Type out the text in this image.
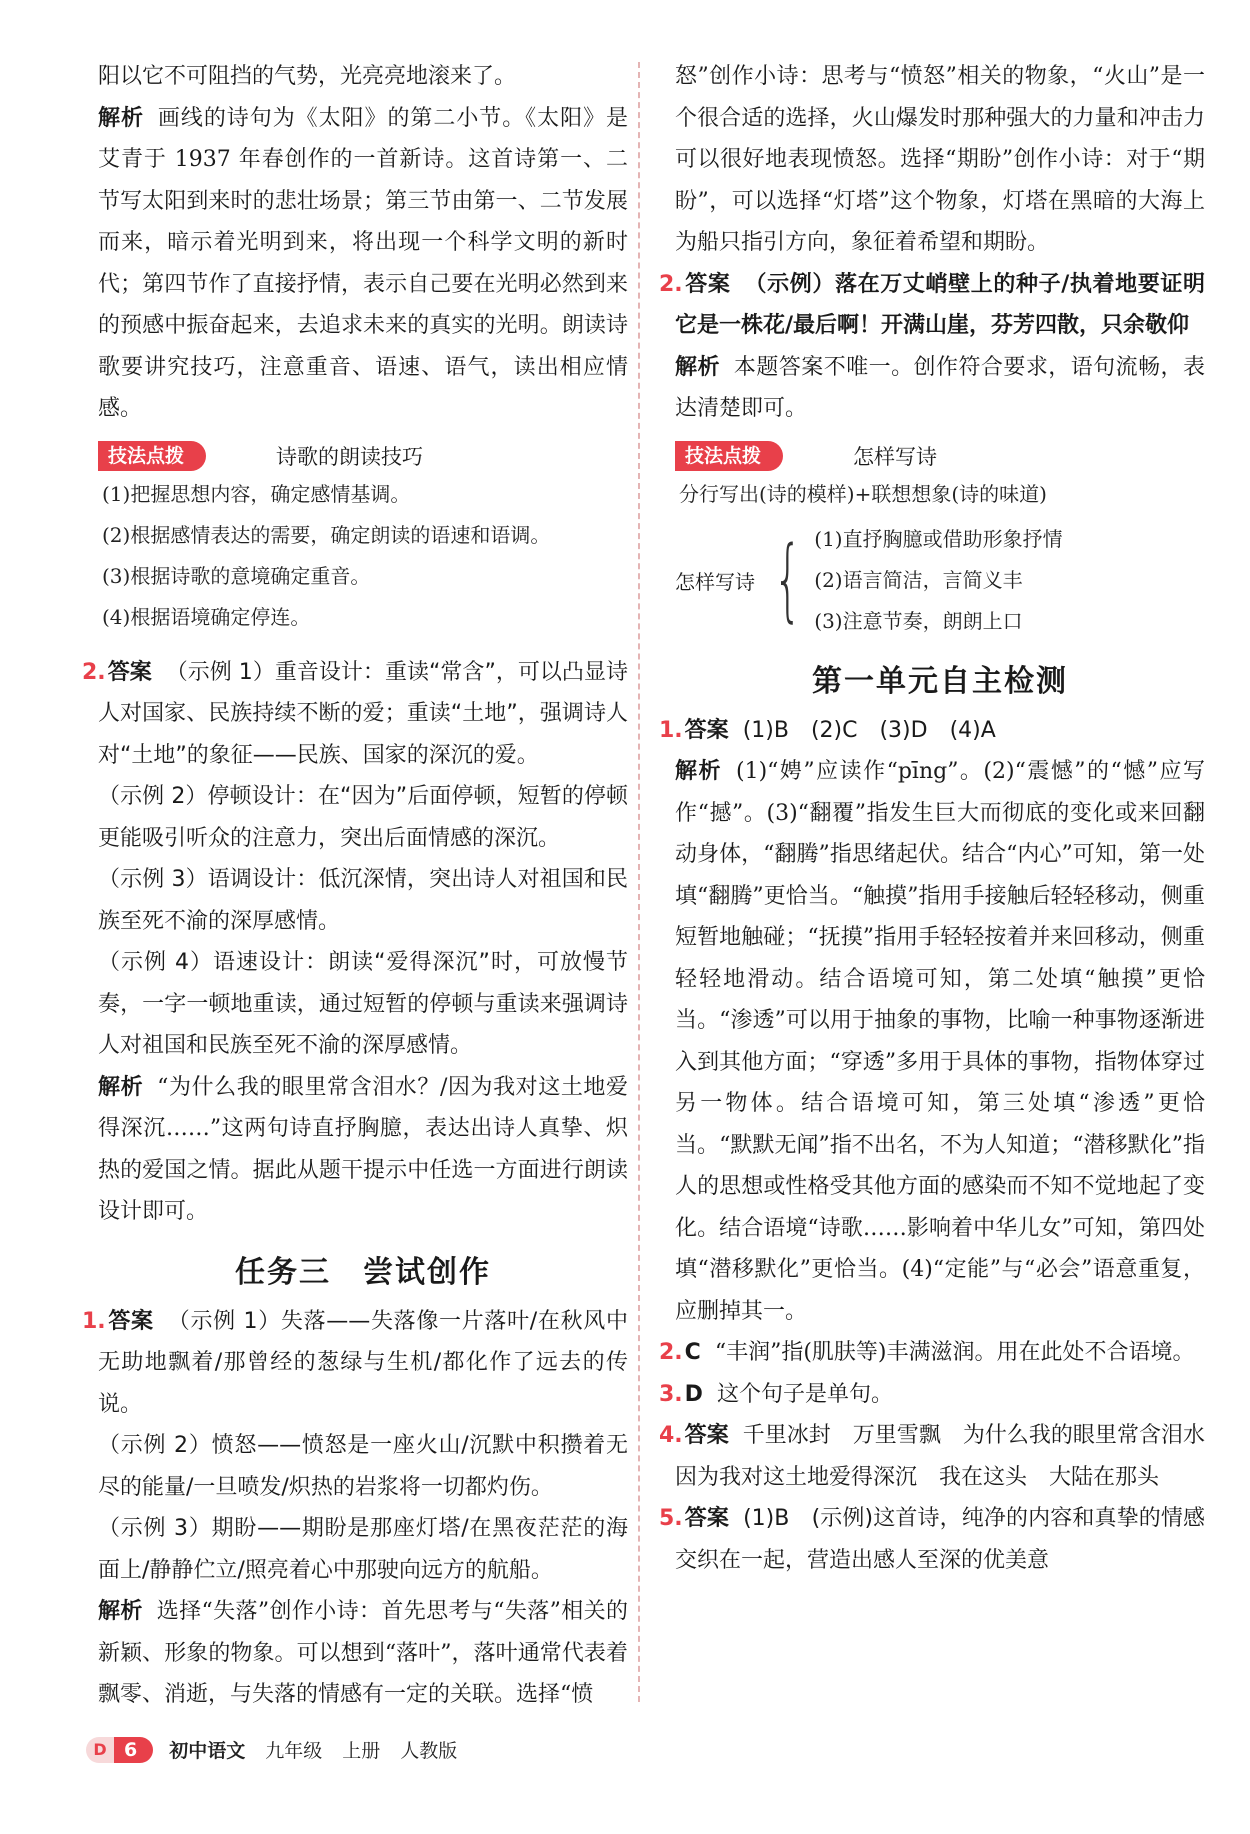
阳以它不可阻挡的气势，光亮亮地滚来了。

解析 画线的诗句为《太阳》的第二小节。《太阳》是艾青于 1937 年春创作的一首新诗。这首诗第一、二节写太阳到来时的悲壮场景；第三节由第一、二节发展而来，暗示着光明到来，将出现一个科学文明的新时代；第四节作了直接抒情，表示自己要在光明必然到来的预感中振奋起来，去追求未来的真实的光明。朗读诗歌要讲究技巧，注意重音、语速、语气，读出相应情感。

技法点拨	诗歌的朗读技巧
(1)把握思想内容，确定感情基调。
(2)根据感情表达的需要，确定朗读的语速和语调。
(3)根据诗歌的意境确定重音。
(4)根据语境确定停连。

2.答案 （示例 1）重音设计：重读“常含”，可以凸显诗人对国家、民族持续不断的爱；重读“土地”，强调诗人对“土地”的象征——民族、国家的深沉的爱。

（示例 2）停顿设计：在“因为”后面停顿，短暂的停顿更能吸引听众的注意力，突出后面情感的深沉。

（示例 3）语调设计：低沉深情，突出诗人对祖国和民族至死不渝的深厚感情。

（示例 4）语速设计：朗读“爱得深沉”时，可放慢节奏，一字一顿地重读，通过短暂的停顿与重读来强调诗人对祖国和民族至死不渝的深厚感情。

解析 “为什么我的眼里常含泪水？/因为我对这土地爱得深沉……”这两句诗直抒胸臆，表达出诗人真挚、炽热的爱国之情。据此从题干提示中任选一方面进行朗读设计即可。

任务三　尝试创作

1.答案 （示例 1）失落——失落像一片落叶/在秋风中无助地飘着/那曾经的葱绿与生机/都化作了远去的传说。

（示例 2）愤怒——愤怒是一座火山/沉默中积攒着无尽的能量/一旦喷发/炽热的岩浆将一切都灼伤。

（示例 3）期盼——期盼是那座灯塔/在黑夜茫茫的海面上/静静伫立/照亮着心中那驶向远方的航船。

解析 选择“失落”创作小诗：首先思考与“失落”相关的新颖、形象的物象。可以想到“落叶”，落叶通常代表着飘零、消逝，与失落的情感有一定的关联。选择“愤

怒”创作小诗：思考与“愤怒”相关的物象，“火山”是一个很合适的选择，火山爆发时那种强大的力量和冲击力可以很好地表现愤怒。选择“期盼”创作小诗：对于“期盼”，可以选择“灯塔”这个物象，灯塔在黑暗的大海上为船只指引方向，象征着希望和期盼。

2.答案 （示例）落在万丈峭壁上的种子/执着地要证明它是一株花/最后啊！开满山崖，芬芳四散，只余敬仰

解析 本题答案不唯一。创作符合要求，语句流畅，表达清楚即可。

技法点拨	怎样写诗
分行写出(诗的模样)+联想想象(诗的味道)
怎样写诗 { (1)直抒胸臆或借助形象抒情
(2)语言简洁，言简义丰
(3)注意节奏，朗朗上口
第一单元自主检测

1.答案 (1)B　(2)C　(3)D　(4)A

解析 (1)“娉”应读作“pīng”。(2)“震憾”的“憾”应写作“撼”。(3)“翻覆”指发生巨大而彻底的变化或来回翻动身体，“翻腾”指思绪起伏。结合“内心”可知，第一处填“翻腾”更恰当。“触摸”指用手接触后轻轻移动，侧重短暂地触碰；“抚摸”指用手轻轻按着并来回移动，侧重轻轻地滑动。结合语境可知，第二处填“触摸”更恰当。“渗透”可以用于抽象的事物，比喻一种事物逐渐进入到其他方面；“穿透”多用于具体的事物，指物体穿过另一物体。结合语境可知，第三处填“渗透”更恰当。“默默无闻”指不出名，不为人知道；“潜移默化”指人的思想或性格受其他方面的感染而不知不觉地起了变化。结合语境“诗歌……影响着中华儿女”可知，第四处填“潜移默化”更恰当。(4)“定能”与“必会”语意重复，应删掉其一。

2.C “丰润”指(肌肤等)丰满滋润。用在此处不合语境。

3.D 这个句子是单句。

4.答案 千里冰封　万里雪飘　为什么我的眼里常含泪水　因为我对这土地爱得深沉　我在这头　大陆在那头

5.答案 (1)B　(示例)这首诗，纯净的内容和真挚的情感交织在一起，营造出感人至深的优美意

D 6	初中语文 九年级 上册 人教版
